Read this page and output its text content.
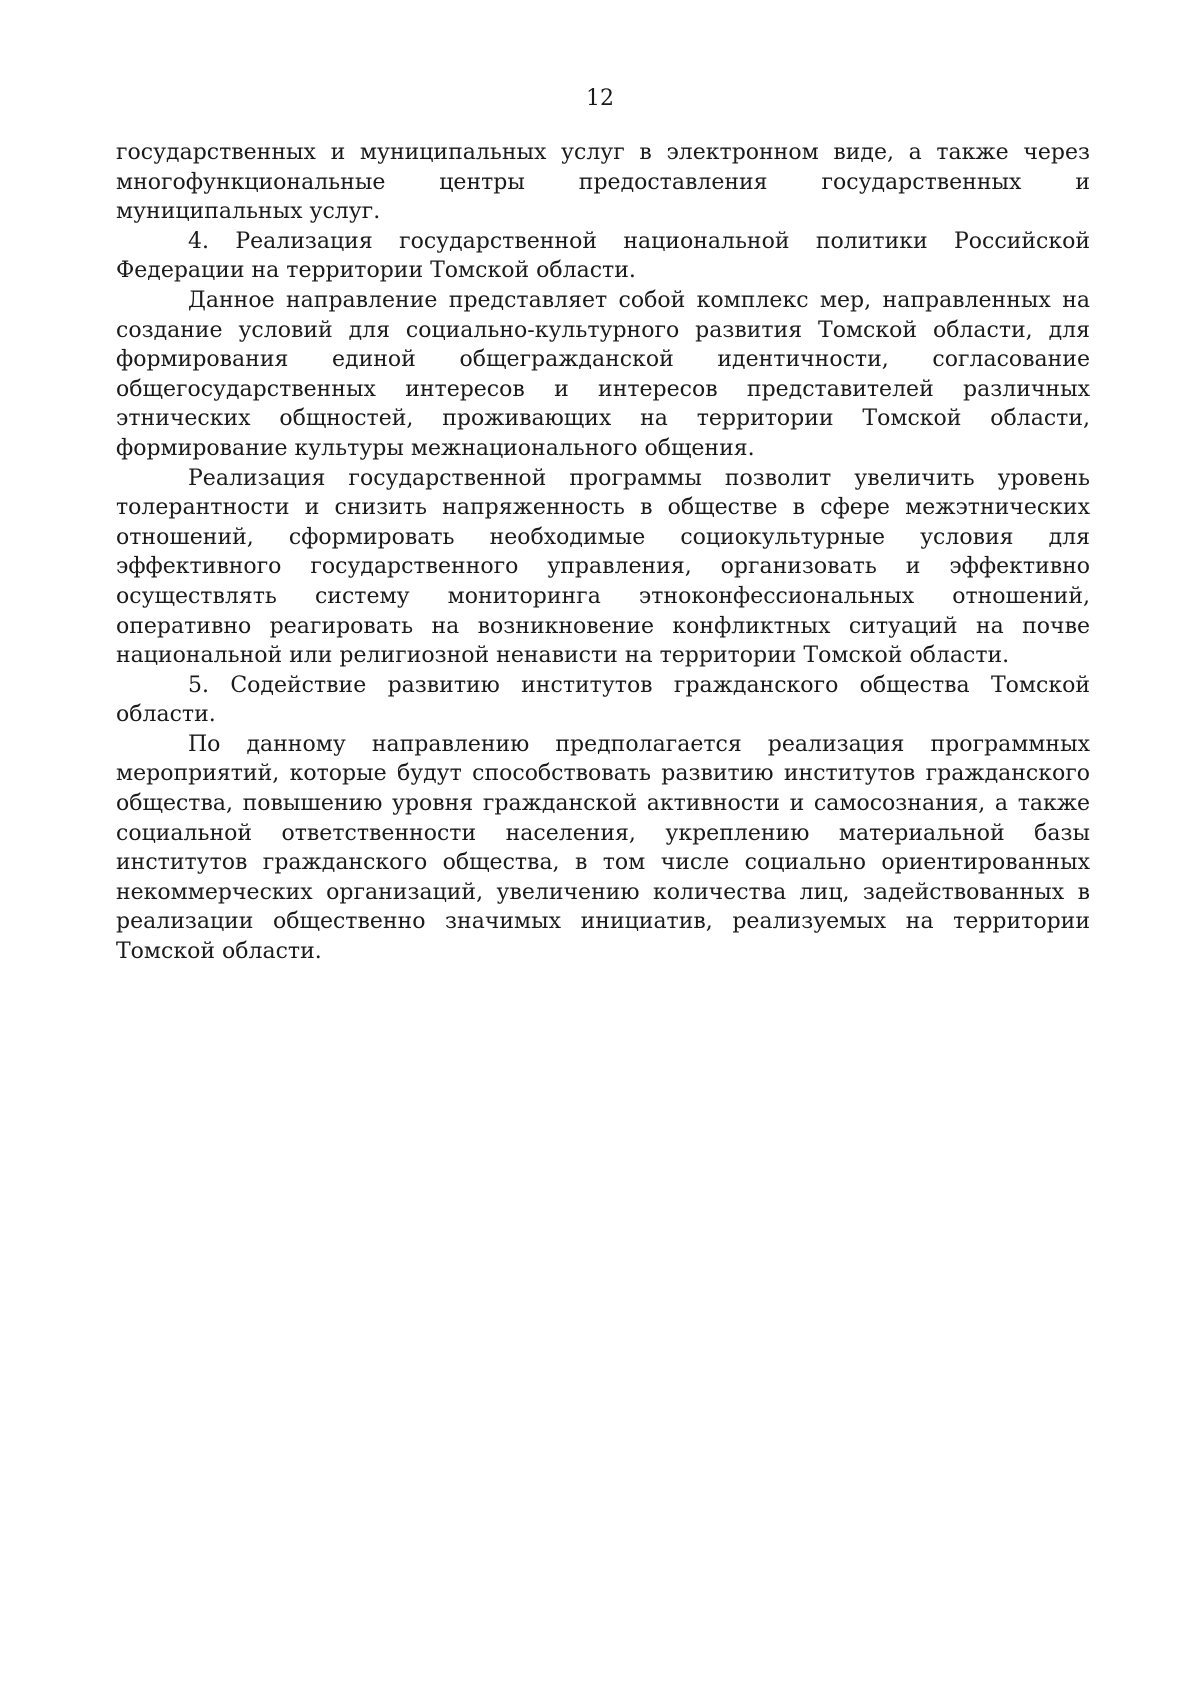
12

государственных и муниципальных услуг в электронном виде, а также через многофункциональные центры предоставления государственных и муниципальных услуг.

4. Реализация государственной национальной политики Российской Федерации на территории Томской области.

Данное направление представляет собой комплекс мер, направленных на создание условий для социально-культурного развития Томской области, для формирования единой общегражданской идентичности, согласование общегосударственных интересов и интересов представителей различных этнических общностей, проживающих на территории Томской области, формирование культуры межнационального общения.

Реализация государственной программы позволит увеличить уровень толерантности и снизить напряженность в обществе в сфере межэтнических отношений, сформировать необходимые социокультурные условия для эффективного государственного управления, организовать и эффективно осуществлять систему мониторинга этноконфессиональных отношений, оперативно реагировать на возникновение конфликтных ситуаций на почве национальной или религиозной ненависти на территории Томской области.

5. Содействие развитию институтов гражданского общества Томской области.

По данному направлению предполагается реализация программных мероприятий, которые будут способствовать развитию институтов гражданского общества, повышению уровня гражданской активности и самосознания, а также социальной ответственности населения, укреплению материальной базы институтов гражданского общества, в том числе социально ориентированных некоммерческих организаций, увеличению количества лиц, задействованных в реализации общественно значимых инициатив, реализуемых на территории Томской области.
